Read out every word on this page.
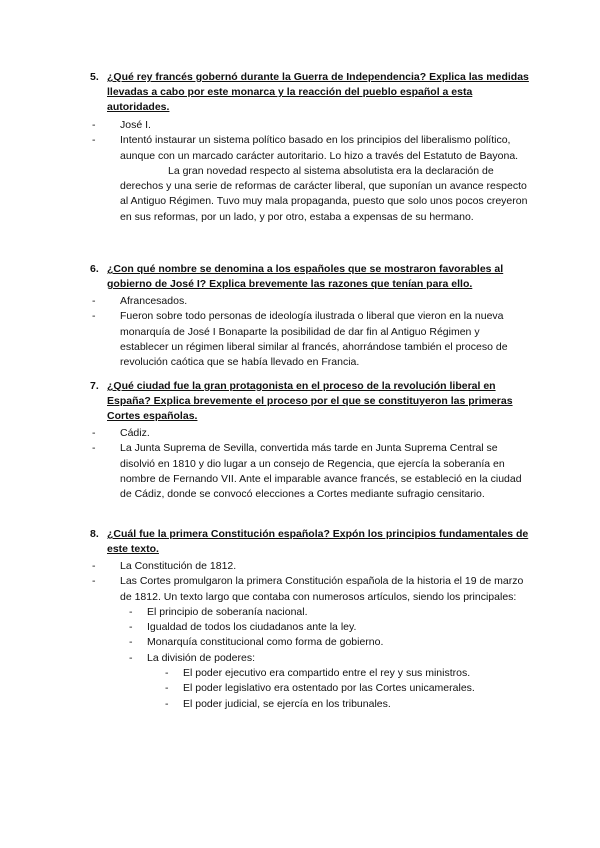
5. ¿Qué rey francés gobernó durante la Guerra de Independencia? Explica las medidas llevadas a cabo por este monarca y la reacción del pueblo español a esta autoridades.
-	José I.
-	Intentó instaurar un sistema político basado en los principios del liberalismo político, aunque con un marcado carácter autoritario. Lo hizo a través del Estatuto de Bayona.
La gran novedad respecto al sistema absolutista era la declaración de derechos y una serie de reformas de carácter liberal, que suponían un avance respecto al Antiguo Régimen. Tuvo muy mala propaganda, puesto que solo unos pocos creyeron en sus reformas, por un lado, y por otro, estaba a expensas de su hermano.
6. ¿Con qué nombre se denomina a los españoles que se mostraron favorables al gobierno de José I? Explica brevemente las razones que tenían para ello.
-	Afrancesados.
-	Fueron sobre todo personas de ideología ilustrada o liberal que vieron en la nueva monarquía de José I Bonaparte la posibilidad de dar fin al Antiguo Régimen y establecer un régimen liberal similar al francés, ahorrándose también el proceso de revolución caótica que se había llevado en Francia.
7. ¿Qué ciudad fue la gran protagonista en el proceso de la revolución liberal en España? Explica brevemente el proceso por el que se constituyeron las primeras Cortes españolas.
-	Cádiz.
-	La Junta Suprema de Sevilla, convertida más tarde en Junta Suprema Central se disolvió en 1810 y dio lugar a un consejo de Regencia, que ejercía la soberanía en nombre de Fernando VII. Ante el imparable avance francés, se estableció en la ciudad de Cádiz, donde se convocó elecciones a Cortes mediante sufragio censitario.
8. ¿Cuál fue la primera Constitución española? Expón los principios fundamentales de este texto.
-	La Constitución de 1812.
-	Las Cortes promulgaron la primera Constitución española de la historia el 19 de marzo de 1812. Un texto largo que contaba con numerosos artículos, siendo los principales:
-	El principio de soberanía nacional.
-	Igualdad de todos los ciudadanos ante la ley.
-	Monarquía constitucional como forma de gobierno.
-	La división de poderes:
-	El poder ejecutivo era compartido entre el rey y sus ministros.
-	El poder legislativo era ostentado por las Cortes unicamerales.
-	El poder judicial, se ejercía en los tribunales.
